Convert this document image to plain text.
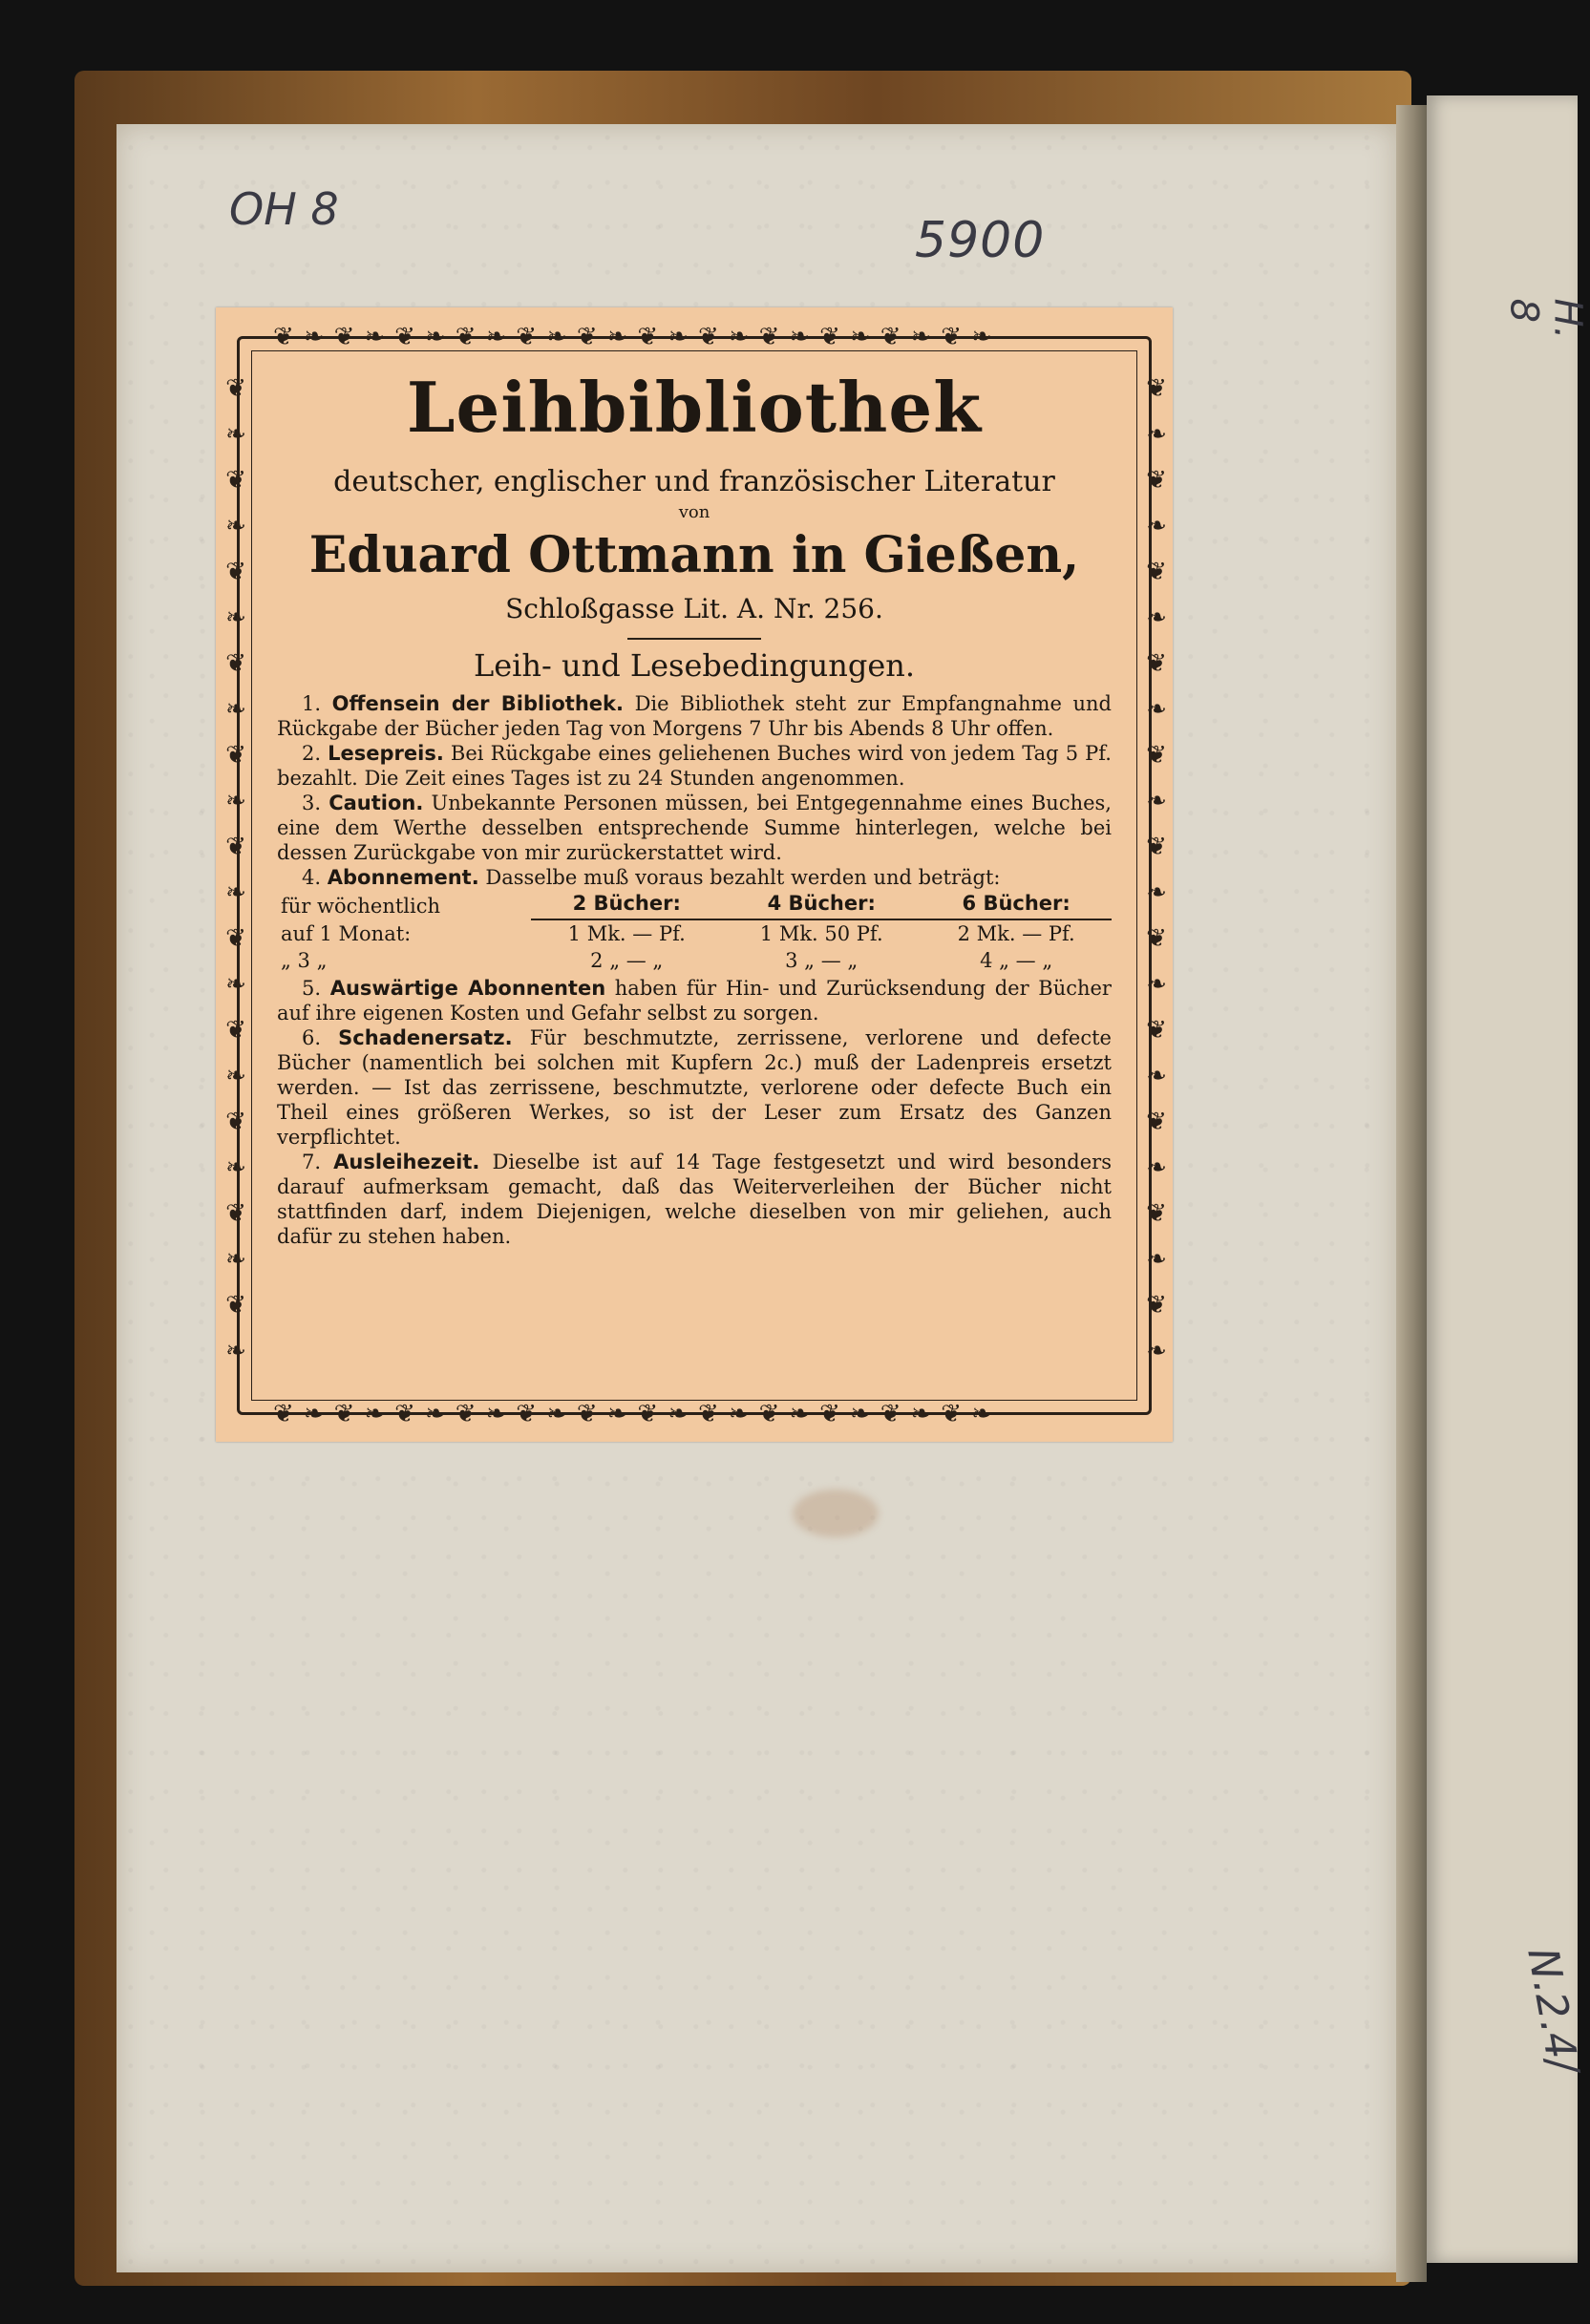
OH 8
5900
H. 8
N.2.4/
❦❧❦❧❦❧❦❧❦❧❦❧❦❧❦❧❦❧❦❧❦❧❦❧
❦❧❦❧❦❧❦❧❦❧❦❧❦❧❦❧❦❧❦❧❦❧❦❧
❦❧❦❧❦❧❦❧❦❧❦❧❦❧❦❧❦❧❦❧❦❧	❦❧❦❧❦❧❦❧❦❧❦❧❦❧❦❧❦❧❦❧❦❧
Leihbibliothek
deutscher, englischer und französischer Literatur
von
Eduard Ottmann in Gießen,
Schloßgasse Lit. A. Nr. 256.
Leih- und Lesebedingungen.

1. Offensein der Bibliothek. Die Bibliothek steht zur Empfangnahme und Rückgabe der Bücher jeden Tag von Morgens 7 Uhr bis Abends 8 Uhr offen.

2. Lesepreis. Bei Rückgabe eines geliehenen Buches wird von jedem Tag 5 Pf. bezahlt. Die Zeit eines Tages ist zu 24 Stunden angenommen.

3. Caution. Unbekannte Personen müssen, bei Entgegennahme eines Buches, eine dem Werthe desselben entsprechende Summe hinterlegen, welche bei dessen Zurückgabe von mir zurückerstattet wird.

4. Abonnement. Dasselbe muß voraus bezahlt werden und beträgt:

für wöchentlich	2 Bücher:	4 Bücher:	6 Bücher:
auf 1 Monat:	1 Mk. — Pf.	1 Mk. 50 Pf.	2 Mk. — Pf.
„ 3 „	2 „ — „	3 „ — „	4 „ — „

5. Auswärtige Abonnenten haben für Hin- und Zurücksendung der Bücher auf ihre eigenen Kosten und Gefahr selbst zu sorgen.

6. Schadenersatz. Für beschmutzte, zerrissene, verlorene und defecte Bücher (namentlich bei solchen mit Kupfern 2c.) muß der Ladenpreis ersetzt werden. — Ist das zerrissene, beschmutzte, verlorene oder defecte Buch ein Theil eines größeren Werkes, so ist der Leser zum Ersatz des Ganzen verpflichtet.

7. Ausleihezeit. Dieselbe ist auf 14 Tage festgesetzt und wird besonders darauf aufmerksam gemacht, daß das Weiterverleihen der Bücher nicht stattfinden darf, indem Diejenigen, welche dieselben von mir geliehen, auch dafür zu stehen haben.
